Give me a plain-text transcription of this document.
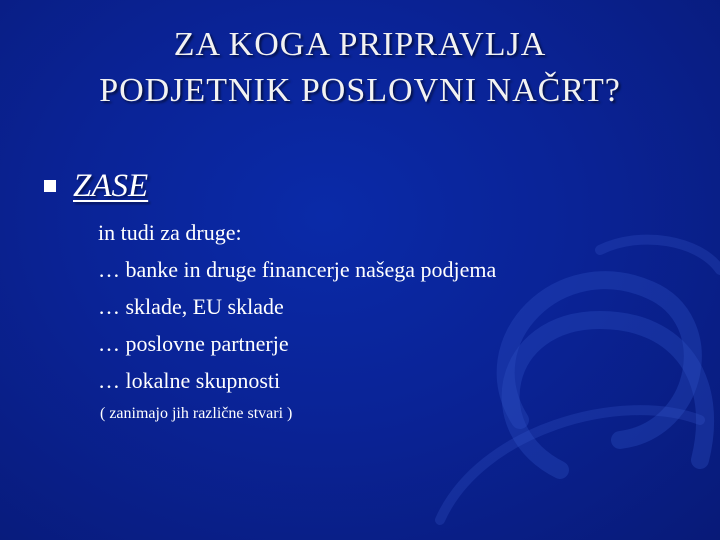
ZA KOGA PRIPRAVLJA
PODJETNIK POSLOVNI NAČRT?
ZASE
in tudi za druge:
… banke in druge financerje našega podjema
… sklade, EU sklade
… poslovne partnerje
… lokalne skupnosti
( zanimajo jih različne stvari )
